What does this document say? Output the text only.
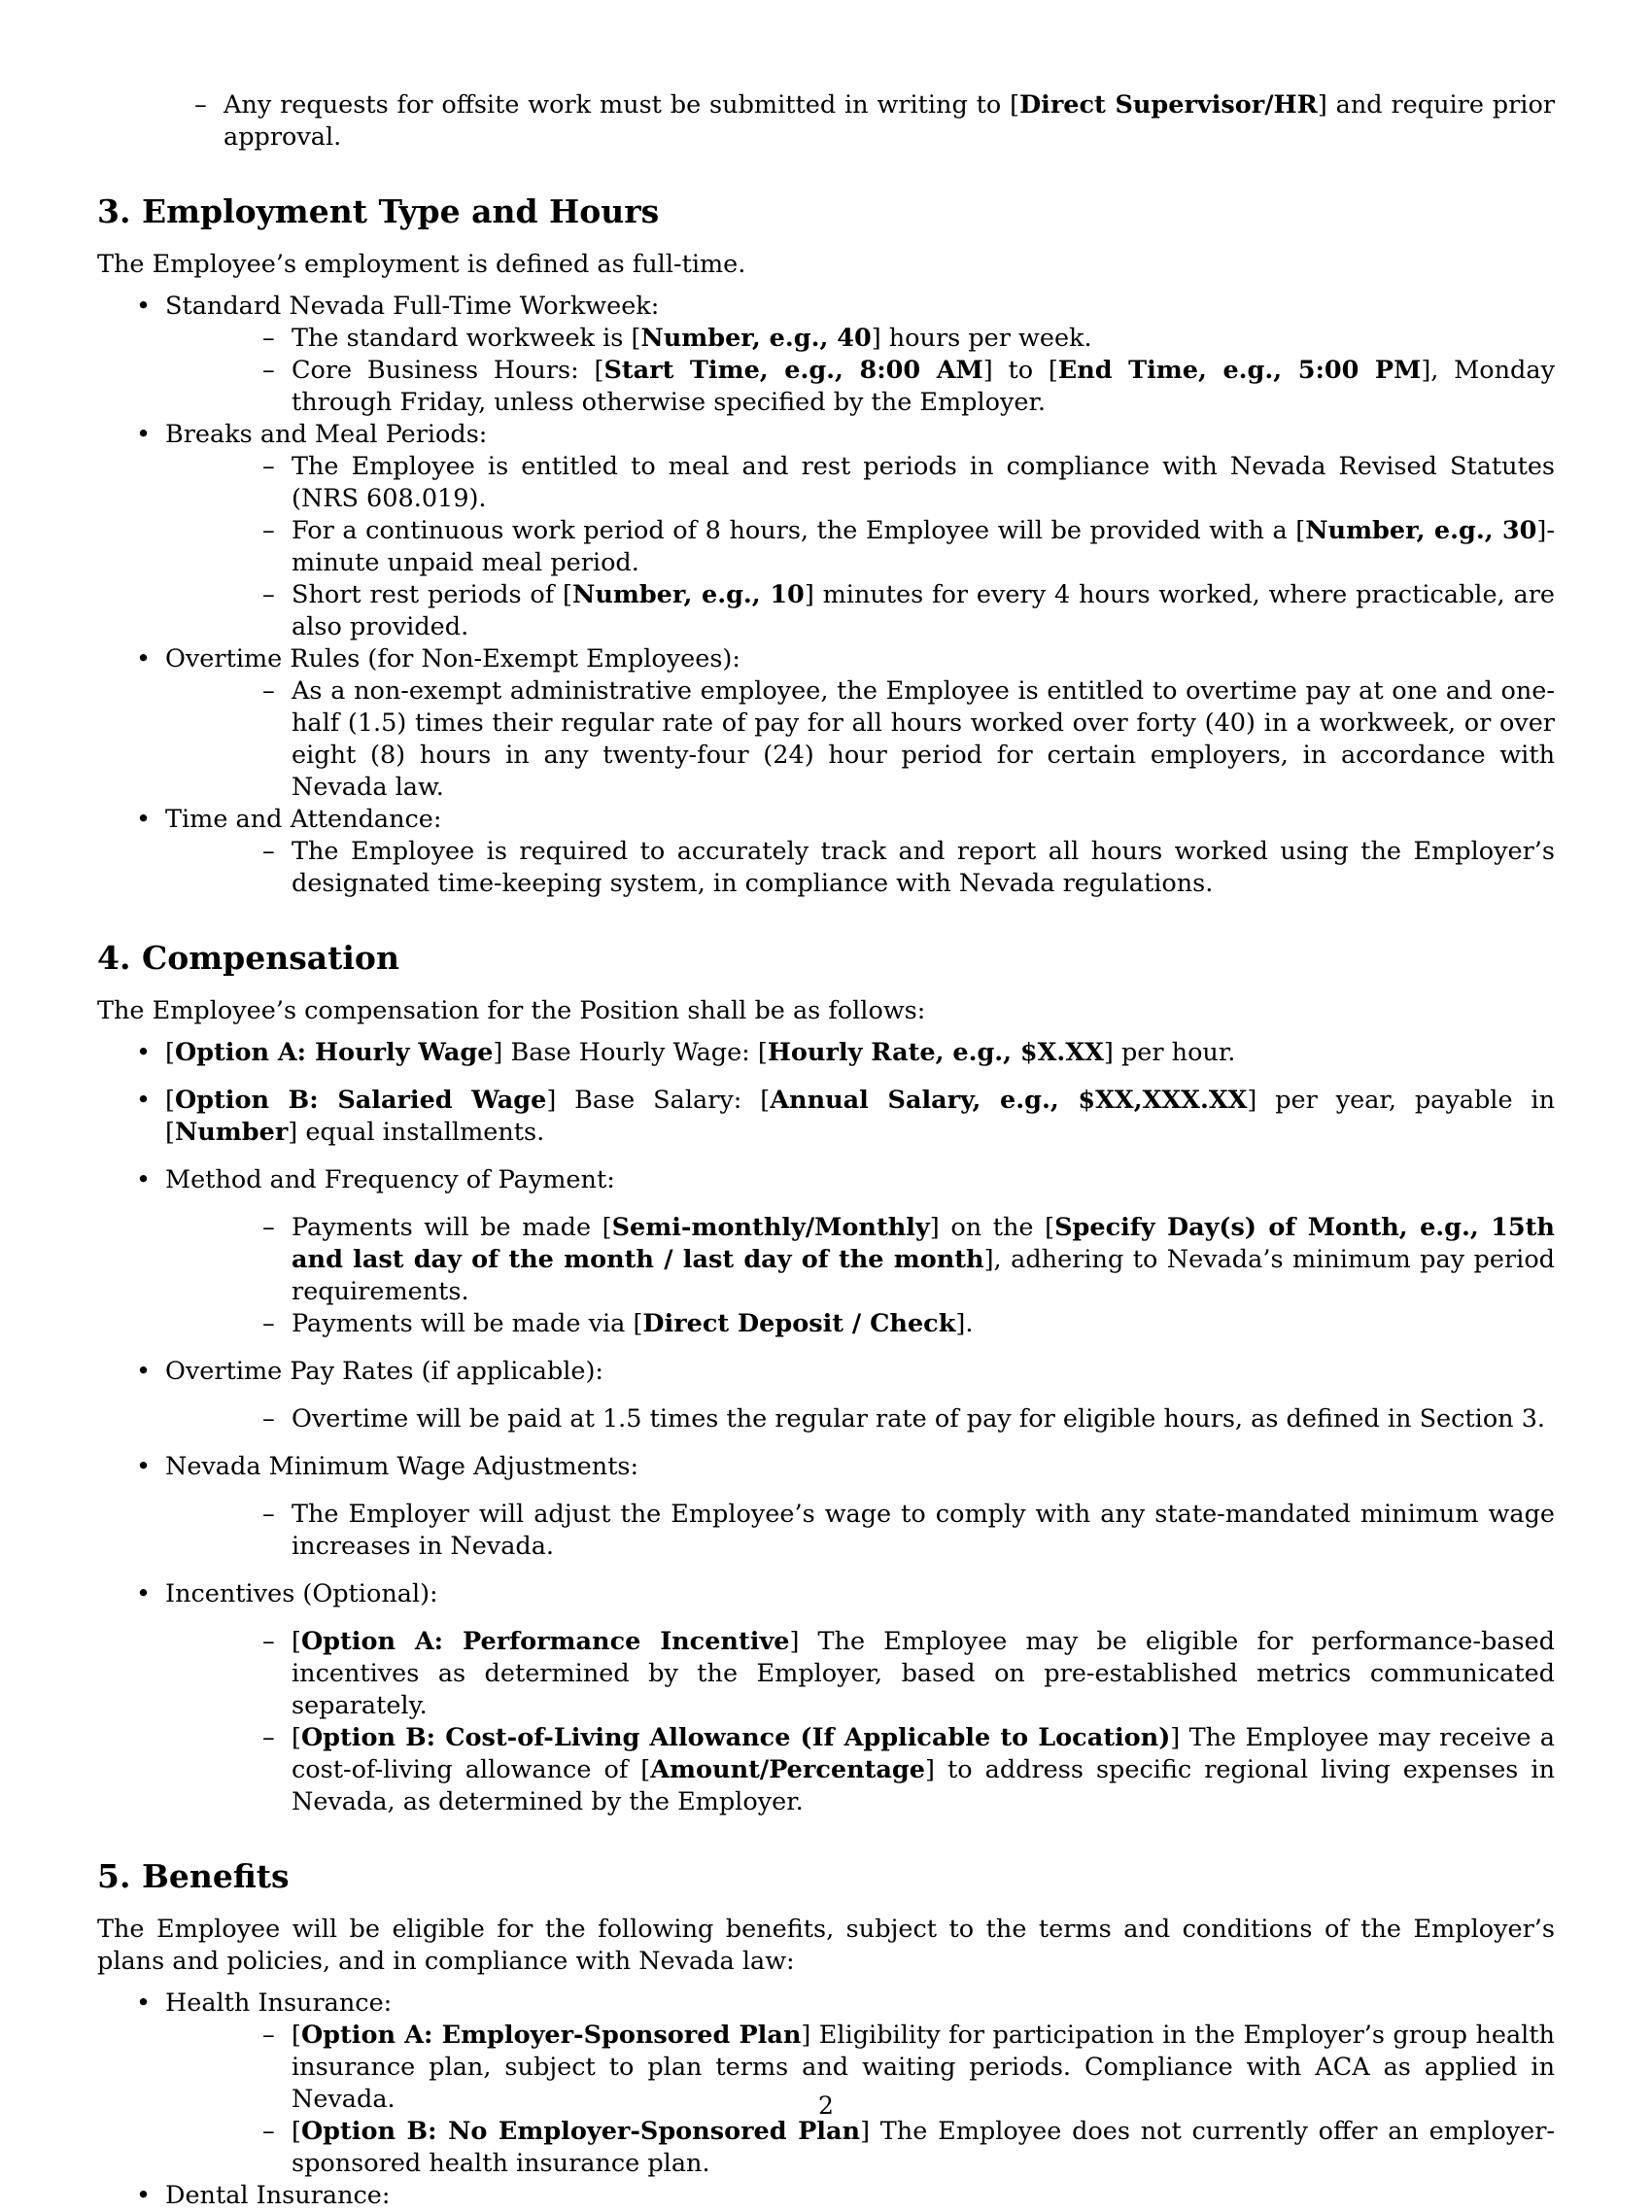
– Any requests for offsite work must be submitted in writing to [Direct Supervisor/HR] and require prior approval.
3. Employment Type and Hours

The Employee’s employment is defined as full-time.

• Standard Nevada Full-Time Workweek:
– The standard workweek is [Number, e.g., 40] hours per week.
– Core Business Hours: [Start Time, e.g., 8:00 AM] to [End Time, e.g., 5:00 PM], Monday through Friday, unless otherwise specified by the Employer.
• Breaks and Meal Periods:
– The Employee is entitled to meal and rest periods in compliance with Nevada Revised Statutes (NRS 608.019).
– For a continuous work period of 8 hours, the Employee will be provided with a [Number, e.g., 30]-minute unpaid meal period.
– Short rest periods of [Number, e.g., 10] minutes for every 4 hours worked, where practicable, are also provided.
• Overtime Rules (for Non-Exempt Employees):
– As a non-exempt administrative employee, the Employee is entitled to overtime pay at one and one-half (1.5) times their regular rate of pay for all hours worked over forty (40) in a workweek, or over eight (8) hours in any twenty-four (24) hour period for certain employers, in accordance with Nevada law.
• Time and Attendance:
– The Employee is required to accurately track and report all hours worked using the Employer’s designated time-keeping system, in compliance with Nevada regulations.
4. Compensation

The Employee’s compensation for the Position shall be as follows:

• [Option A: Hourly Wage] Base Hourly Wage: [Hourly Rate, e.g., $X.XX] per hour.
• [Option B: Salaried Wage] Base Salary: [Annual Salary, e.g., $XX,XXX.XX] per year, payable in [Number] equal installments.
• Method and Frequency of Payment:
– Payments will be made [Semi-monthly/Monthly] on the [Specify Day(s) of Month, e.g., 15th and last day of the month / last day of the month], adhering to Nevada’s minimum pay period requirements.
– Payments will be made via [Direct Deposit / Check].
• Overtime Pay Rates (if applicable):
– Overtime will be paid at 1.5 times the regular rate of pay for eligible hours, as defined in Section 3.
• Nevada Minimum Wage Adjustments:
– The Employer will adjust the Employee’s wage to comply with any state-mandated minimum wage increases in Nevada.
• Incentives (Optional):
– [Option A: Performance Incentive] The Employee may be eligible for performance-based incentives as determined by the Employer, based on pre-established metrics communicated separately.
– [Option B: Cost-of-Living Allowance (If Applicable to Location)] The Employee may receive a cost-of-living allowance of [Amount/Percentage] to address specific regional living expenses in Nevada, as determined by the Employer.
5. Benefits

The Employee will be eligible for the following benefits, subject to the terms and conditions of the Employer’s plans and policies, and in compliance with Nevada law:

• Health Insurance:
– [Option A: Employer-Sponsored Plan] Eligibility for participation in the Employer’s group health insurance plan, subject to plan terms and waiting periods. Compliance with ACA as applied in Nevada.
– [Option B: No Employer-Sponsored Plan] The Employee does not currently offer an employer-sponsored health insurance plan.
• Dental Insurance:
2
